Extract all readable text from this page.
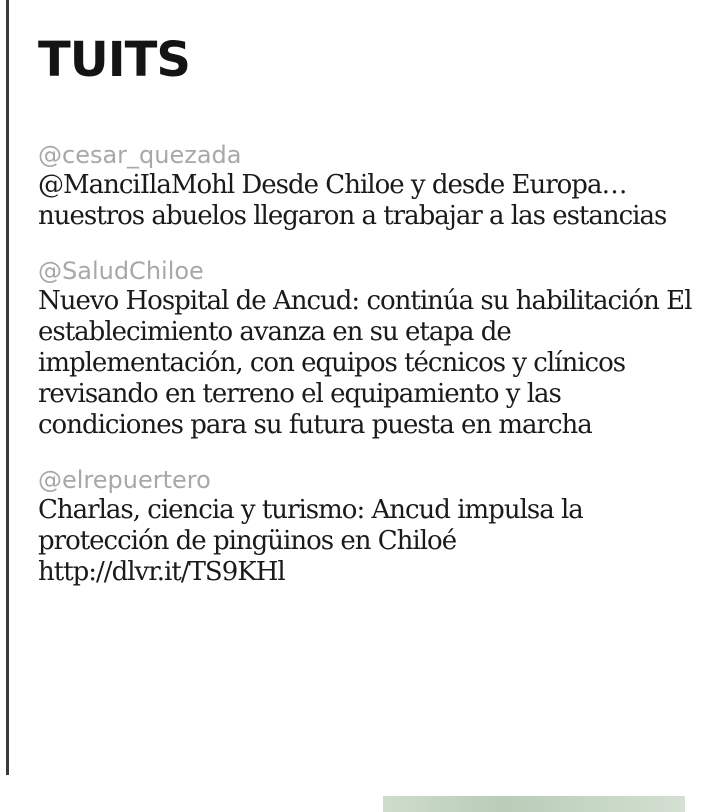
TUITS
@cesar_quezada
@ManciIlaMohl Desde Chiloe y desde Europa… nuestros abuelos llegaron a trabajar a las estancias
@SaludChiloe
Nuevo Hospital de Ancud: continúa su habilitación El establecimiento avanza en su etapa de implementación, con equipos técnicos y clínicos revisando en terreno el equipamiento y las condiciones para su futura puesta en marcha
@elrepuertero
Charlas, ciencia y turismo: Ancud impulsa la protección de pingüinos en Chiloé http://dlvr.it/TS9KHl
